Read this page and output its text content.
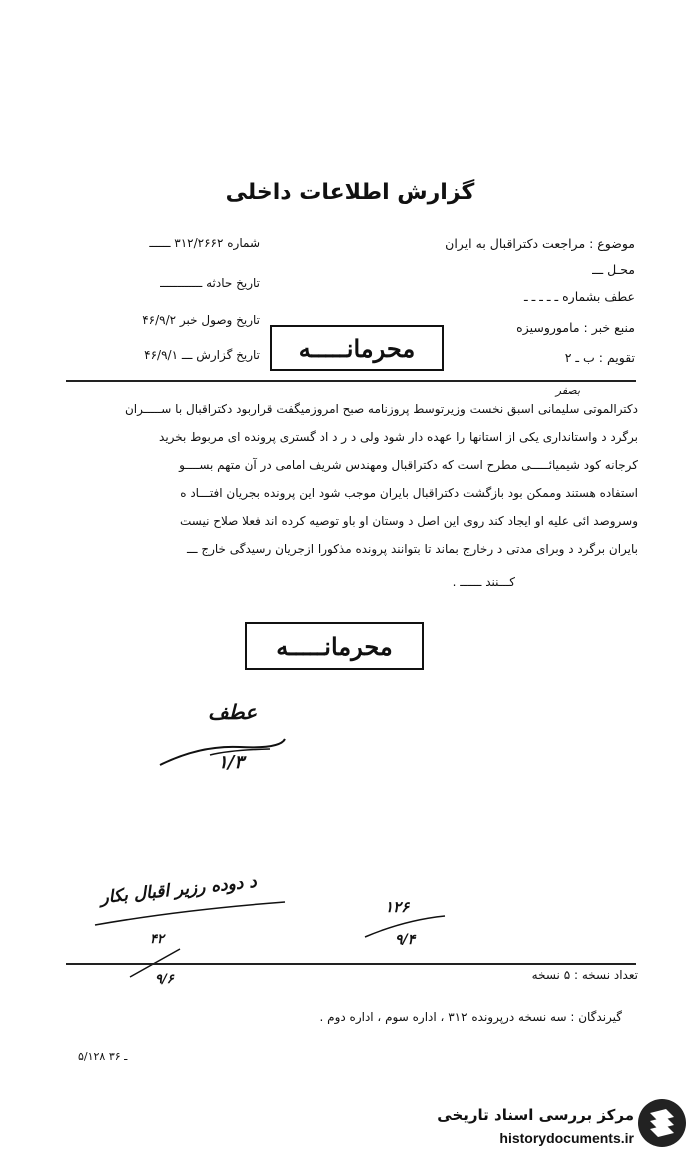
گزارش اطلاعات داخلی
موضوع : مراجعت دکتراقبال به ایران
محـل ـــ
عطف بشماره ـ ـ ـ ـ ـ
منبع خبر : ماموروسیزه
تقویم : ب ـ ۲
شماره ۳۱۲/۲۶۶۲ ــــــ
تاریخ حادثه ــــــــــــ
تاریخ وصول خبر ۴۶/۹/۲
تاریخ گزارش ـــ ۴۶/۹/۱	محرمانـــــه
بصفر
دکترالموتی سلیمانی اسبق نخست وزیرتوسط پروزنامه صبح امروزمیگفت قراربود دکتراقبال با ســـــران
برگرد د واستانداری یکی از استانها را عهده دار شود ولی د ر د اد گستری پرونده ای مربوط بخرید
کرجانه کود شیمیائـــــی مطرح است که دکتراقبال ومهندس شریف امامی در آن متهم بســــو
استفاده هستند وممکن بود بازگشت دکتراقبال بایران موجب شود این پرونده بجریان افتـــاد ه
وسروصد ائی علیه او ایجاد کند روی این اصل د وستان او باو توصیه کرده اند فعلا صلاح نیست
بایران برگرد د وبرای مدتی د رخارج بماند تا بتوانند پرونده مذکورا ازجریان رسیدگی خارج ـــ
کـــنند ــــــ .
محرمانـــــه
عطف
۱/۳
د دوده رزیر اقبال بکار	۱۲۶
۹/۴
۴۲
۹/۶	تعداد نسخه : ۵ نسخه
گیرندگان : سه نسخه درپرونده ۳۱۲ ، اداره سوم ، اداره دوم .
۵/۱۲۸ ـ ۳۶
مرکز بررسی اسناد تاریخی
historydocuments.ir
